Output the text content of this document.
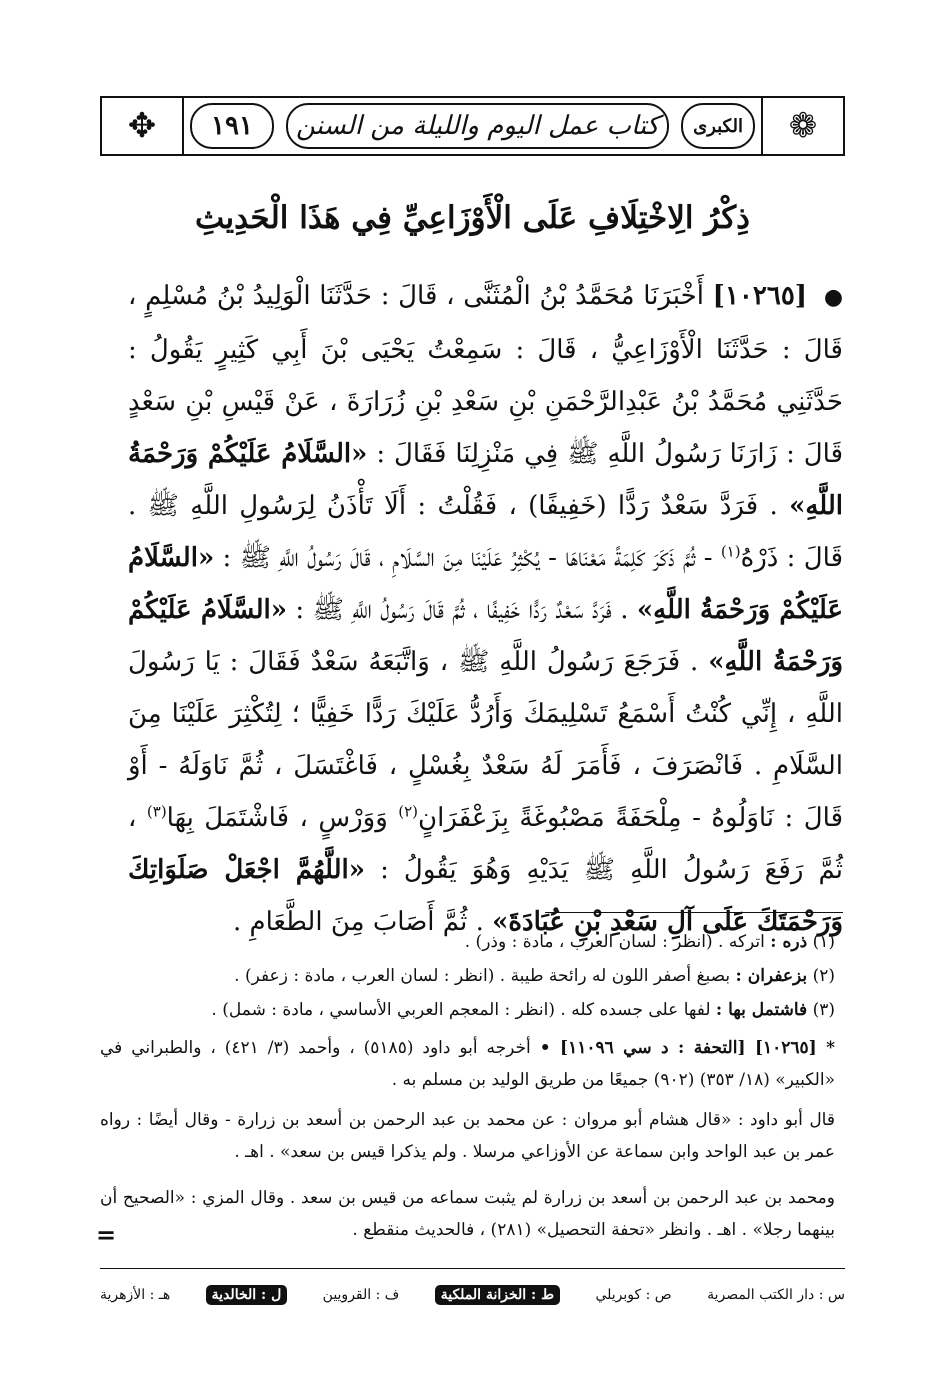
❁
الكبرى
كتاب عمل اليوم والليلة من السنن
١٩١
✥
ذِكْرُ الِاخْتِلَافِ عَلَى الْأَوْزَاعِيِّ فِي هَذَا الْحَدِيثِ
● [١٠٢٦٥] أَخْبَرَنَا مُحَمَّدُ بْنُ الْمُثَنَّى ، قَالَ : حَدَّثَنَا الْوَلِيدُ بْنُ مُسْلِمٍ ، قَالَ : حَدَّثَنَا الْأَوْزَاعِيُّ ، قَالَ : سَمِعْتُ يَحْيَى بْنَ أَبِي كَثِيرٍ يَقُولُ : حَدَّثَنِي مُحَمَّدُ بْنُ عَبْدِالرَّحْمَنِ بْنِ سَعْدِ بْنِ زُرَارَةَ ، عَنْ قَيْسِ بْنِ سَعْدٍ قَالَ : زَارَنَا رَسُولُ اللَّهِ ﷺ فِي مَنْزِلِنَا فَقَالَ : «السَّلَامُ عَلَيْكُمْ وَرَحْمَةُ اللَّهِ» . فَرَدَّ سَعْدٌ رَدًّا (خَفِيفًا) ، فَقُلْتُ : أَلَا تَأْذَنُ لِرَسُولِ اللَّهِ ﷺ . قَالَ : ذَرْهُ$^{(١)}$ - ثُمَّ ذَكَرَ كَلِمَةً مَعْنَاهَا - يُكْثِرُ عَلَيْنَا مِنَ السَّلَامِ ، قَالَ رَسُولُ اللَّهِ ﷺ : «السَّلَامُ عَلَيْكُمْ وَرَحْمَةُ اللَّهِ» . فَرَدَّ سَعْدٌ رَدًّا خَفِيفًا ، ثُمَّ قَالَ رَسُولُ اللَّهِ ﷺ : «السَّلَامُ عَلَيْكُمْ وَرَحْمَةُ اللَّهِ» . فَرَجَعَ رَسُولُ اللَّهِ ﷺ ، وَاتَّبَعَهُ سَعْدٌ فَقَالَ : يَا رَسُولَ اللَّهِ ، إِنِّي كُنْتُ أَسْمَعُ تَسْلِيمَكَ وَأَرُدُّ عَلَيْكَ رَدًّا خَفِيًّا ؛ لِتُكْثِرَ عَلَيْنَا مِنَ السَّلَامِ . فَانْصَرَفَ ، فَأَمَرَ لَهُ سَعْدٌ بِغُسْلٍ ، فَاغْتَسَلَ ، ثُمَّ نَاوَلَهُ - أَوْ قَالَ : نَاوَلُوهُ - مِلْحَفَةً مَصْبُوغَةً بِزَعْفَرَانٍ$^{(٢)}$ وَوَرْسٍ ، فَاشْتَمَلَ بِهَا$^{(٣)}$ ، ثُمَّ رَفَعَ رَسُولُ اللَّهِ ﷺ يَدَيْهِ وَهُوَ يَقُولُ : «اللَّهُمَّ اجْعَلْ صَلَوَاتِكَ وَرَحْمَتَكَ عَلَى آلِ سَعْدِ بْنِ عُبَادَةَ» . ثُمَّ أَصَابَ مِنَ الطَّعَامِ .
(١) ذره : اتركه . (انظر : لسان العرب ، مادة : وذر) .
(٢) بزعفران : بصبغ أصفر اللون له رائحة طيبة . (انظر : لسان العرب ، مادة : زعفر) .
(٣) فاشتمل بها : لفها على جسده كله . (انظر : المعجم العربي الأساسي ، مادة : شمل) .
* [١٠٢٦٥] [التحفة : د سي ١١٠٩٦] • أخرجه أبو داود (٥١٨٥) ، وأحمد (٣/ ٤٢١) ، والطبراني في «الكبير» (١٨/ ٣٥٣) (٩٠٢) جميعًا من طريق الوليد بن مسلم به .
قال أبو داود : «قال هشام أبو مروان : عن محمد بن عبد الرحمن بن أسعد بن زرارة - وقال أيضًا : رواه عمر بن عبد الواحد وابن سماعة عن الأوزاعي مرسلا . ولم يذكرا قيس بن سعد» . اهـ .
ومحمد بن عبد الرحمن بن أسعد بن زرارة لم يثبت سماعه من قيس بن سعد . وقال المزي : «الصحيح أن بينهما رجلا» . اهـ . وانظر «تحفة التحصيل» (٢٨١) ، فالحديث منقطع .
=
س : دار الكتب المصرية
ص : كوبريلي
ط : الخزانة الملكية
ف : القرويين
ل : الخالدية
هـ : الأزهرية
